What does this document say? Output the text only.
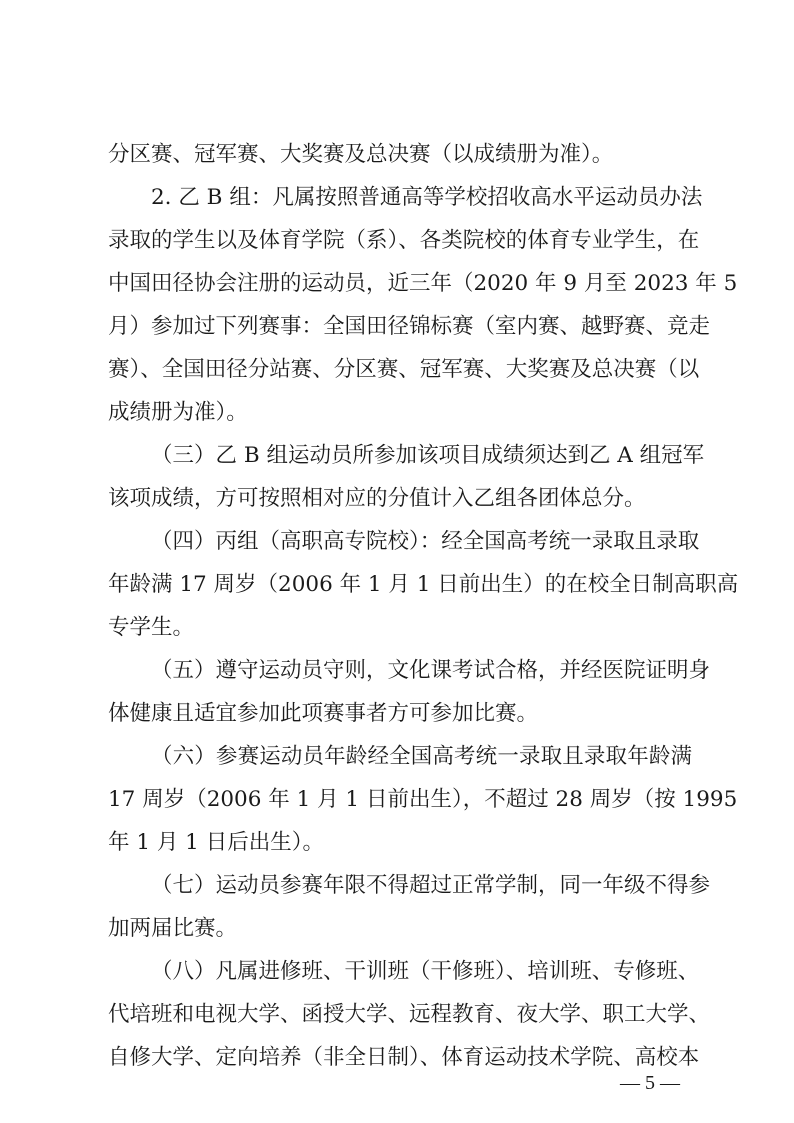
分区赛、冠军赛、大奖赛及总决赛（以成绩册为准）。
2. 乙 B 组：凡属按照普通高等学校招收高水平运动员办法
录取的学生以及体育学院（系）、各类院校的体育专业学生，在
中国田径协会注册的运动员，近三年（2020 年 9 月至 2023 年 5
月）参加过下列赛事：全国田径锦标赛（室内赛、越野赛、竞走
赛）、全国田径分站赛、分区赛、冠军赛、大奖赛及总决赛（以
成绩册为准）。
（三）乙 B 组运动员所参加该项目成绩须达到乙 A 组冠军
该项成绩，方可按照相对应的分值计入乙组各团体总分。
（四）丙组（高职高专院校）：经全国高考统一录取且录取
年龄满 17 周岁（2006 年 1 月 1 日前出生）的在校全日制高职高
专学生。
（五）遵守运动员守则，文化课考试合格，并经医院证明身
体健康且适宜参加此项赛事者方可参加比赛。
（六）参赛运动员年龄经全国高考统一录取且录取年龄满
17 周岁（2006 年 1 月 1 日前出生），不超过 28 周岁（按 1995
年 1 月 1 日后出生）。
（七）运动员参赛年限不得超过正常学制，同一年级不得参
加两届比赛。
（八）凡属进修班、干训班（干修班）、培训班、专修班、
代培班和电视大学、函授大学、远程教育、夜大学、职工大学、
自修大学、定向培养（非全日制）、体育运动技术学院、高校本
— 5 —
